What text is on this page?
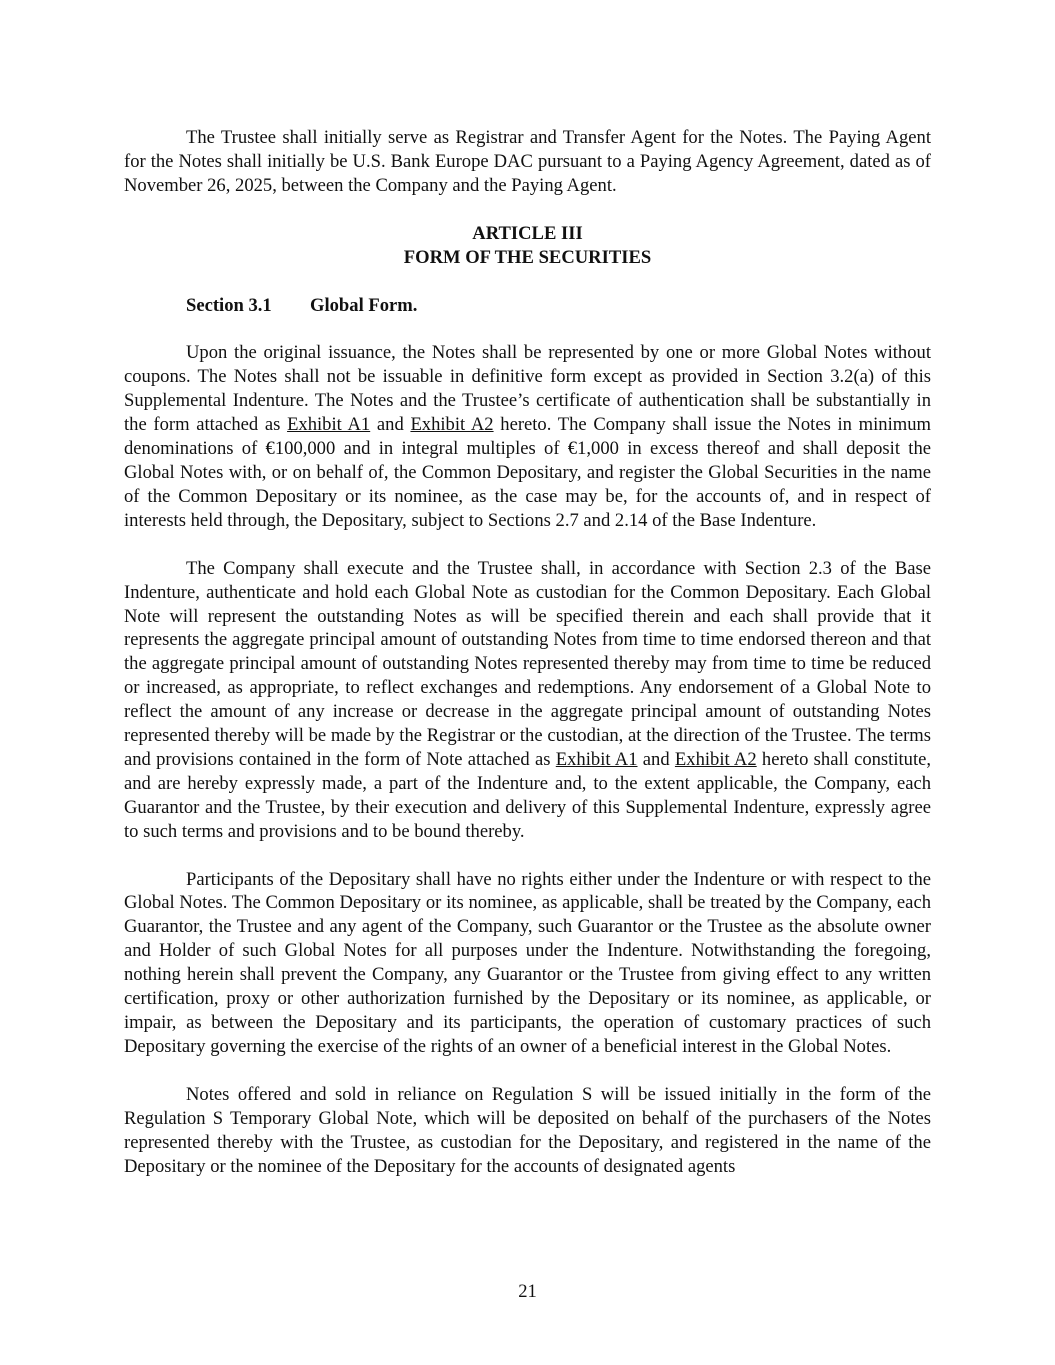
The Trustee shall initially serve as Registrar and Transfer Agent for the Notes. The Paying Agent for the Notes shall initially be U.S. Bank Europe DAC pursuant to a Paying Agency Agreement, dated as of November 26, 2025, between the Company and the Paying Agent.

ARTICLE III
FORM OF THE SECURITIES
Section 3.1 Global Form.

Upon the original issuance, the Notes shall be represented by one or more Global Notes without coupons. The Notes shall not be issuable in definitive form except as provided in Section 3.2(a) of this Supplemental Indenture. The Notes and the Trustee’s certificate of authentication shall be substantially in the form attached as Exhibit A1 and Exhibit A2 hereto. The Company shall issue the Notes in minimum denominations of €100,000 and in integral multiples of €1,000 in excess thereof and shall deposit the Global Notes with, or on behalf of, the Common Depositary, and register the Global Securities in the name of the Common Depositary or its nominee, as the case may be, for the accounts of, and in respect of interests held through, the Depositary, subject to Sections 2.7 and 2.14 of the Base Indenture.

The Company shall execute and the Trustee shall, in accordance with Section 2.3 of the Base Indenture, authenticate and hold each Global Note as custodian for the Common Depositary. Each Global Note will represent the outstanding Notes as will be specified therein and each shall provide that it represents the aggregate principal amount of outstanding Notes from time to time endorsed thereon and that the aggregate principal amount of outstanding Notes represented thereby may from time to time be reduced or increased, as appropriate, to reflect exchanges and redemptions. Any endorsement of a Global Note to reflect the amount of any increase or decrease in the aggregate principal amount of outstanding Notes represented thereby will be made by the Registrar or the custodian, at the direction of the Trustee. The terms and provisions contained in the form of Note attached as Exhibit A1 and Exhibit A2 hereto shall constitute, and are hereby expressly made, a part of the Indenture and, to the extent applicable, the Company, each Guarantor and the Trustee, by their execution and delivery of this Supplemental Indenture, expressly agree to such terms and provisions and to be bound thereby.

Participants of the Depositary shall have no rights either under the Indenture or with respect to the Global Notes. The Common Depositary or its nominee, as applicable, shall be treated by the Company, each Guarantor, the Trustee and any agent of the Company, such Guarantor or the Trustee as the absolute owner and Holder of such Global Notes for all purposes under the Indenture. Notwithstanding the foregoing, nothing herein shall prevent the Company, any Guarantor or the Trustee from giving effect to any written certification, proxy or other authorization furnished by the Depositary or its nominee, as applicable, or impair, as between the Depositary and its participants, the operation of customary practices of such Depositary governing the exercise of the rights of an owner of a beneficial interest in the Global Notes.

Notes offered and sold in reliance on Regulation S will be issued initially in the form of the Regulation S Temporary Global Note, which will be deposited on behalf of the purchasers of the Notes represented thereby with the Trustee, as custodian for the Depositary, and registered in the name of the Depositary or the nominee of the Depositary for the accounts of designated agents

21
